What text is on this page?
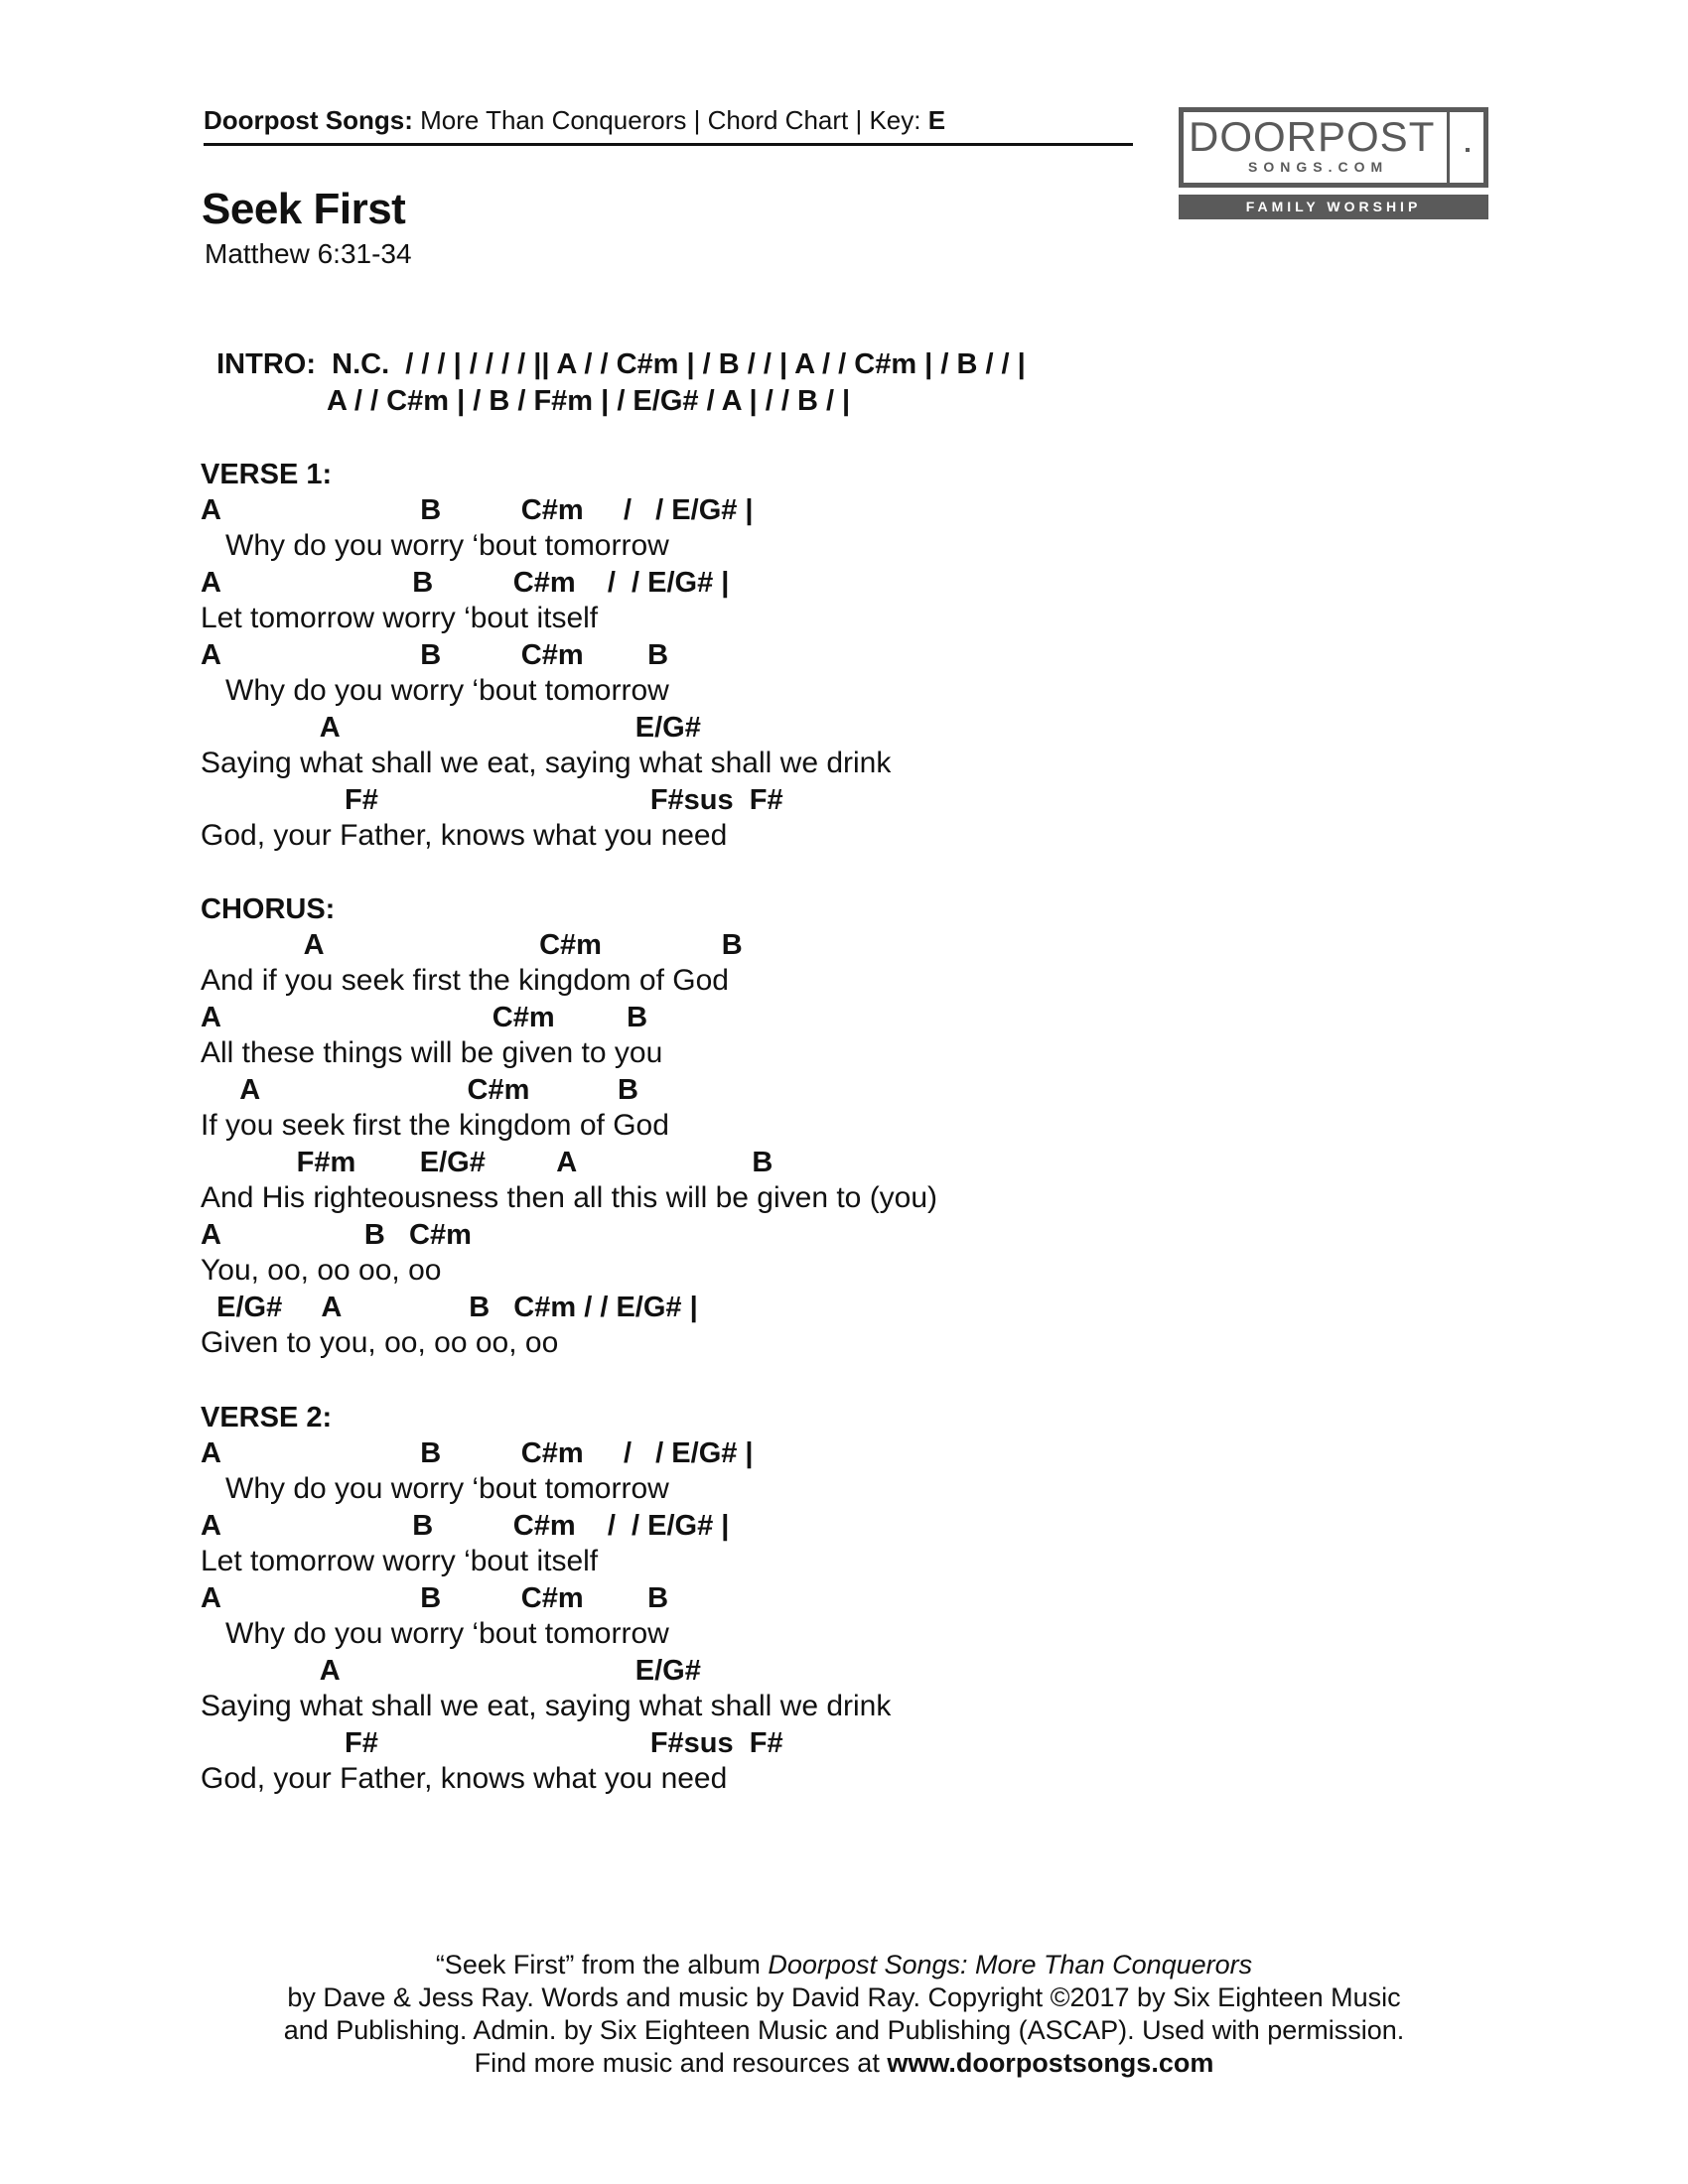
Doorpost Songs: More Than Conquerors | Chord Chart | Key: E	DOORPOST
SONGS.COM
FAMILY WORSHIP
Seek First
Matthew 6:31-34

INTRO: N.C.  / / / | / / / / || A / / C#m | / B / / | A / / C#m | / B / / |

A / / C#m | / B / F#m | / E/G# / A | / / B / |
VERSE 1:
A                         B          C#m     /   / E/G# |
Why do you worry ‘bout tomorrow
A                        B          C#m    /  / E/G# |
Let tomorrow worry ‘bout itself
A                         B          C#m        B
Why do you worry ‘bout tomorrow
A                                     E/G#
Saying what shall we eat, saying what shall we drink
F#                                  F#sus  F#
God, your Father, knows what you need
CHORUS:
A                           C#m               B
And if you seek first the kingdom of God
A                                  C#m         B
All these things will be given to you
A                          C#m           B
If you seek first the kingdom of God
F#m        E/G#         A                      B
And His righteousness then all this will be given to (you)
A                  B   C#m
You, oo, oo oo, oo
E/G#     A                B   C#m / / E/G# |
Given to you, oo, oo oo, oo
VERSE 2:
A                         B          C#m     /   / E/G# |
Why do you worry ‘bout tomorrow
A                        B          C#m    /  / E/G# |
Let tomorrow worry ‘bout itself
A                         B          C#m        B
Why do you worry ‘bout tomorrow
A                                     E/G#
Saying what shall we eat, saying what shall we drink
F#                                  F#sus  F#
God, your Father, knows what you need
“Seek First” from the album Doorpost Songs: More Than Conquerors
by Dave & Jess Ray. Words and music by David Ray. Copyright ©2017 by Six Eighteen Music
and Publishing. Admin. by Six Eighteen Music and Publishing (ASCAP). Used with permission.
Find more music and resources at www.doorpostsongs.com
